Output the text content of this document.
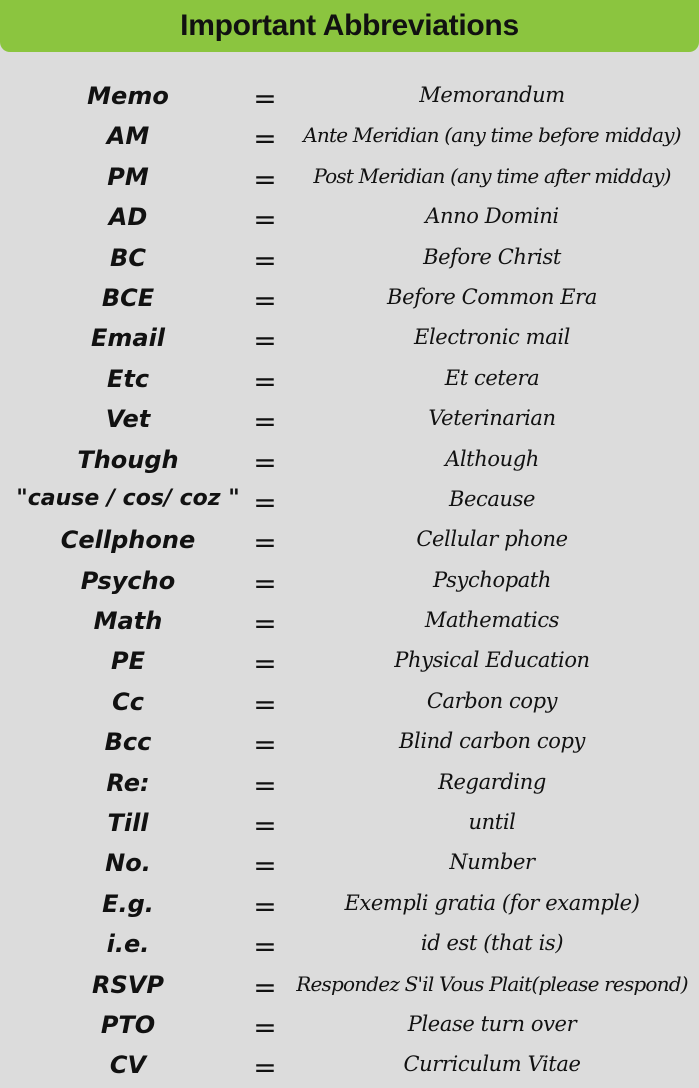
Important Abbreviations
Memo	=	Memorandum
AM	=	Ante Meridian (any time before midday)
PM	=	Post Meridian (any time after midday)
AD	=	Anno Domini
BC	=	Before Christ
BCE	=	Before Common Era
Email	=	Electronic mail
Etc	=	Et cetera
Vet	=	Veterinarian
Though	=	Although
"cause / cos/ coz " =	Because
Cellphone	=	Cellular phone
Psycho	=	Psychopath
Math	=	Mathematics
PE	=	Physical Education
Cc	=	Carbon copy
Bcc	=	Blind carbon copy
Re:	=	Regarding
Till	=	until
No.	=	Number
E.g.	=	Exempli gratia (for example)
i.e.	=	id est (that is)
RSVP	= Respondez S'il Vous Plait(please respond)
PTO	=	Please turn over
CV	=	Curriculum Vitae
